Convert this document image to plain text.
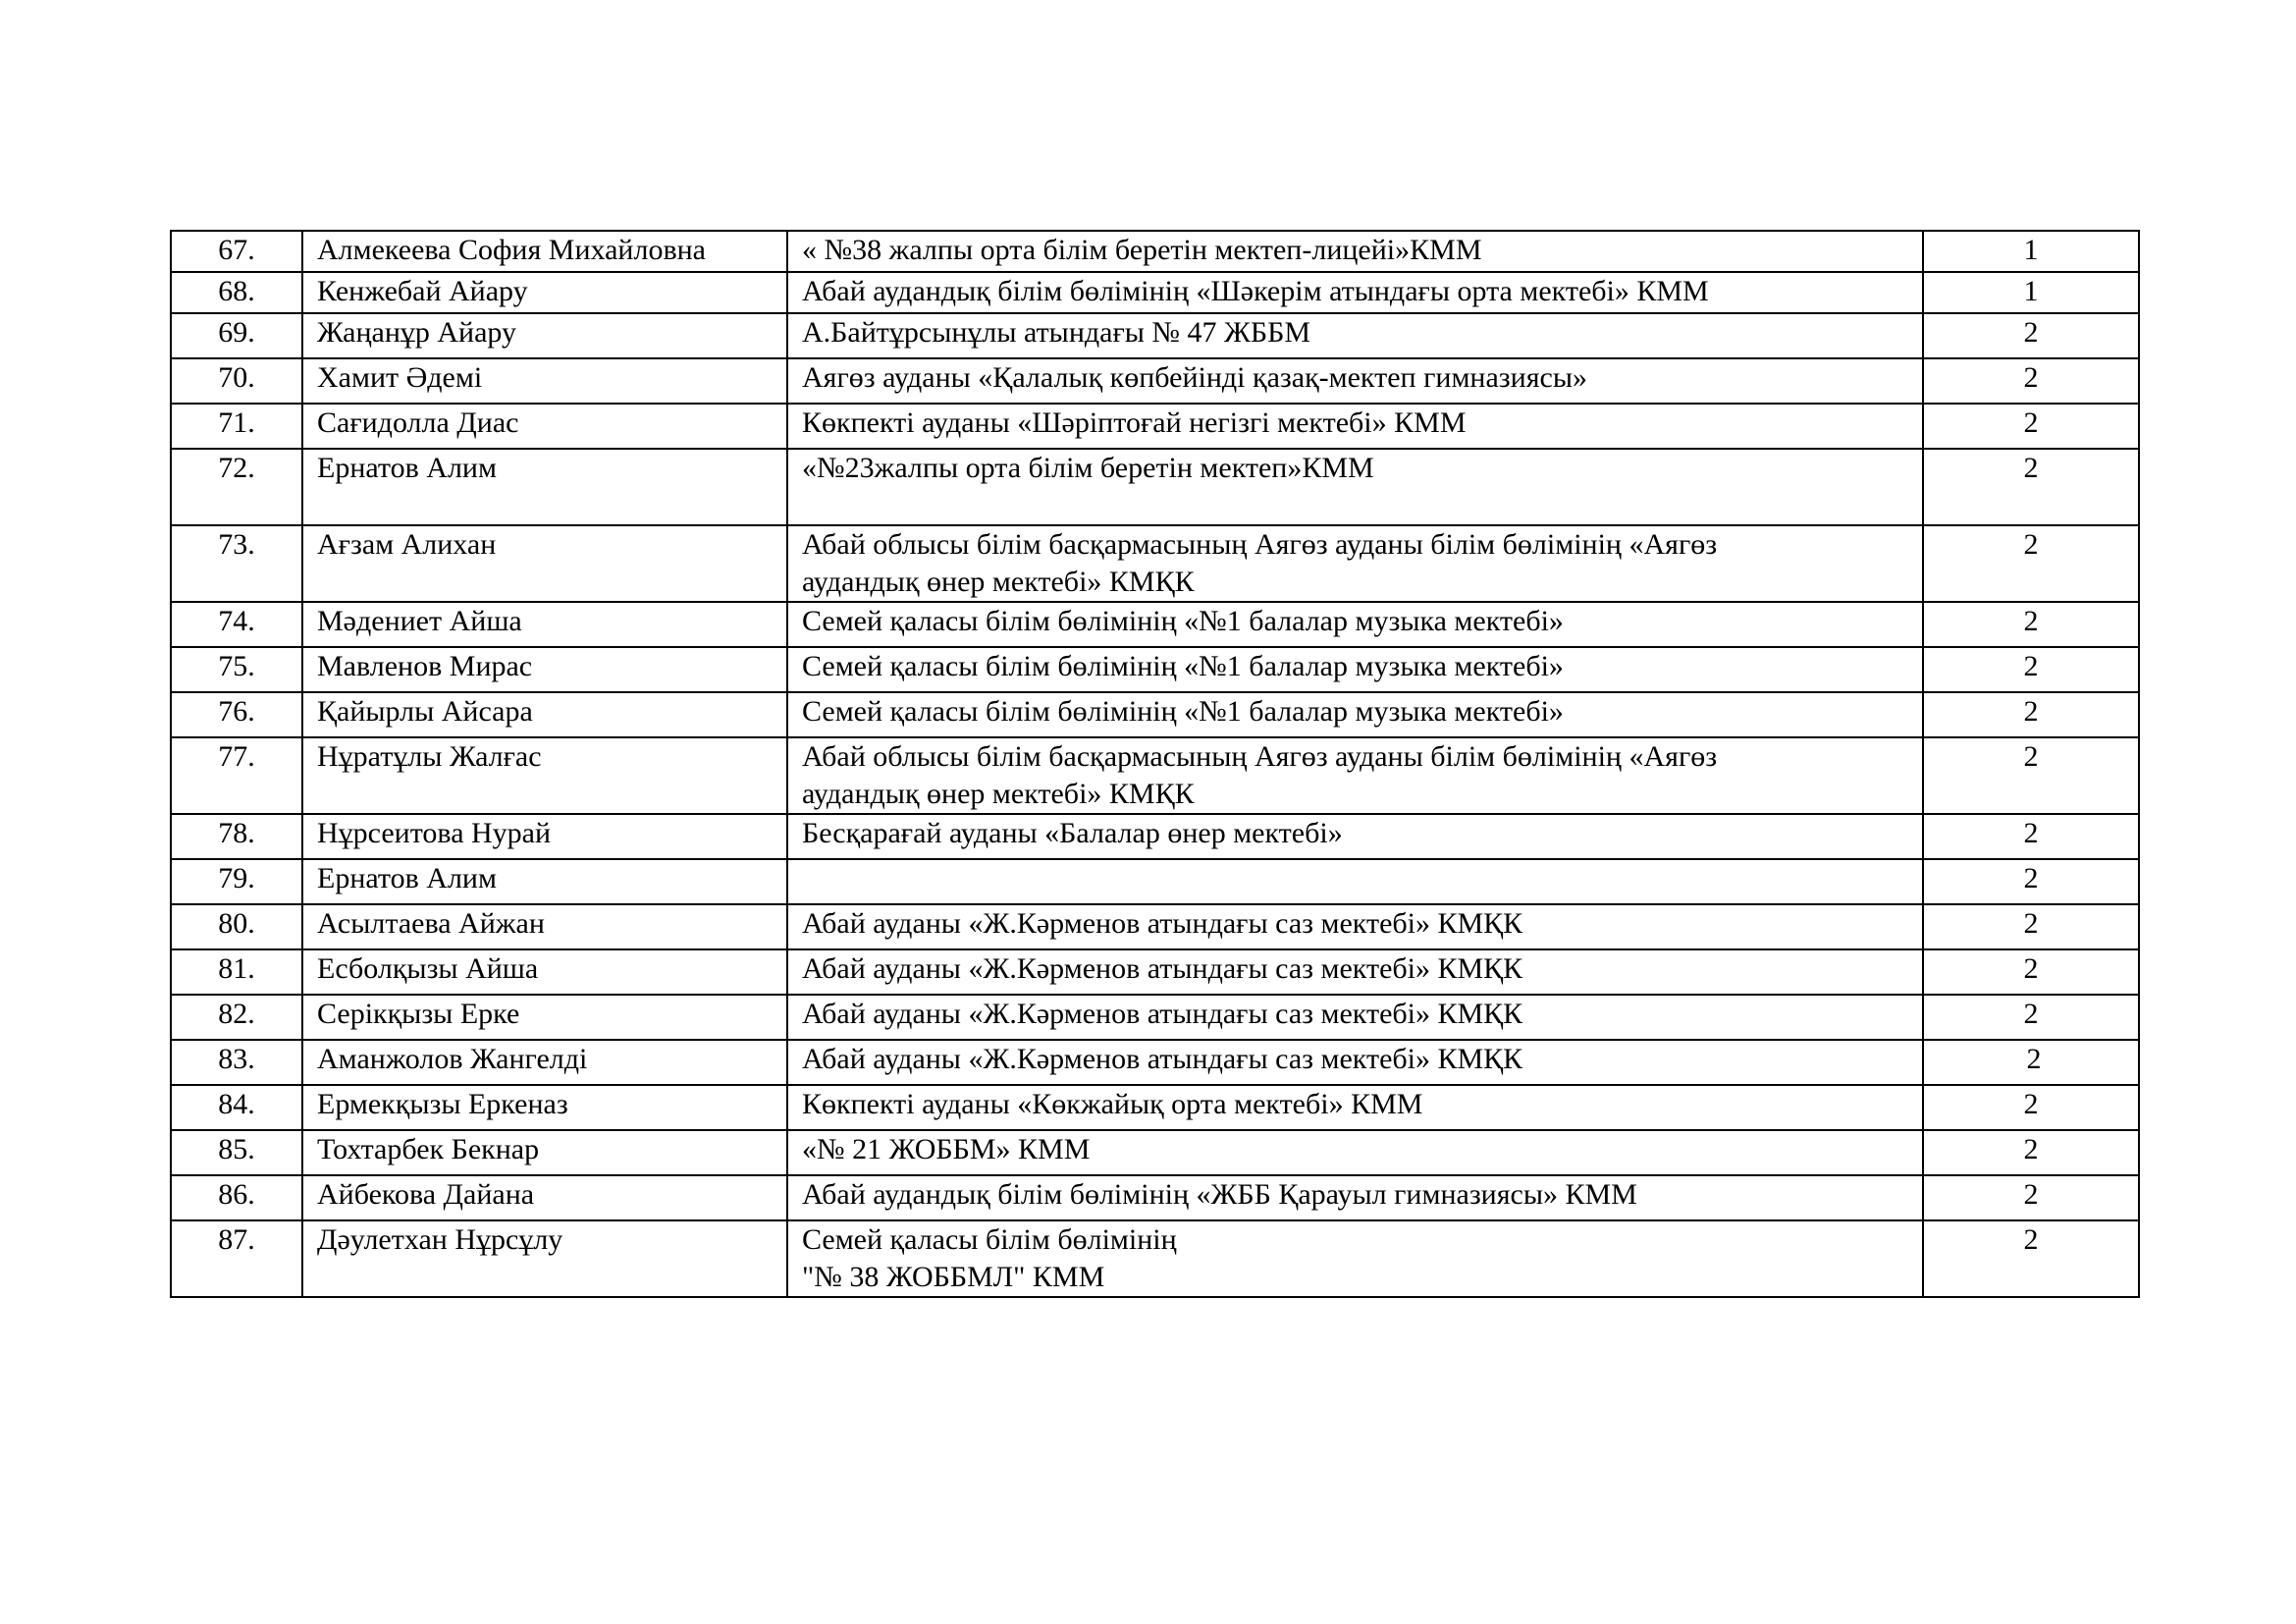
67.	Алмекеева София Михайловна	« №38 жалпы орта білім беретін мектеп-лицейі»КММ	1
68.	Кенжебай Айару	Абай аудандық білім бөлімінің «Шәкерім атындағы орта мектебі» КММ	1
69.	Жаңанұр Айару	А.Байтұрсынұлы атындағы № 47 ЖББМ	2
70.	Хамит Әдемі	Аягөз ауданы «Қалалық көпбейінді қазақ-мектеп гимназиясы»	2
71.	Сағидолла Диас	Көкпекті ауданы «Шәріптоғай негізгі мектебі» КММ	2
72.	Ернатов Алим	«№23жалпы орта білім беретін мектеп»КММ	2
73.	Ағзам Алихан	Абай облысы білім басқармасының Аягөз ауданы білім бөлімінің «Аягөз
аудандық өнер мектебі» КМҚК	2
74.	Мәдениет Айша	Семей қаласы білім бөлімінің «№1 балалар музыка мектебі»	2
75.	Мавленов Мирас	Семей қаласы білім бөлімінің «№1 балалар музыка мектебі»	2
76.	Қайырлы Айсара	Семей қаласы білім бөлімінің «№1 балалар музыка мектебі»	2
77.	Нұратұлы Жалғас	Абай облысы білім басқармасының Аягөз ауданы білім бөлімінің «Аягөз
аудандық өнер мектебі» КМҚК	2
78.	Нұрсеитова Нурай	Бесқарағай ауданы «Балалар өнер мектебі»	2
79.	Ернатов Алим		2
80.	Асылтаева Айжан	Абай ауданы «Ж.Кәрменов атындағы саз мектебі» КМҚК	2
81.	Есболқызы Айша	Абай ауданы «Ж.Кәрменов атындағы саз мектебі» КМҚК	2
82.	Серікқызы Ерке	Абай ауданы «Ж.Кәрменов атындағы саз мектебі» КМҚК	2
83.	Аманжолов Жангелді	Абай ауданы «Ж.Кәрменов атындағы саз мектебі» КМҚК	2
84.	Ермекқызы Еркеназ	Көкпекті ауданы «Көкжайық орта мектебі» КММ	2
85.	Тохтарбек Бекнар	«№ 21 ЖОББМ» КММ	2
86.	Айбекова Дайана	Абай аудандық білім бөлімінің «ЖББ Қарауыл гимназиясы» КММ	2
87.	Дәулетхан Нұрсұлу	Семей қаласы білім бөлімінің
"№ 38 ЖОББМЛ" КММ	2
